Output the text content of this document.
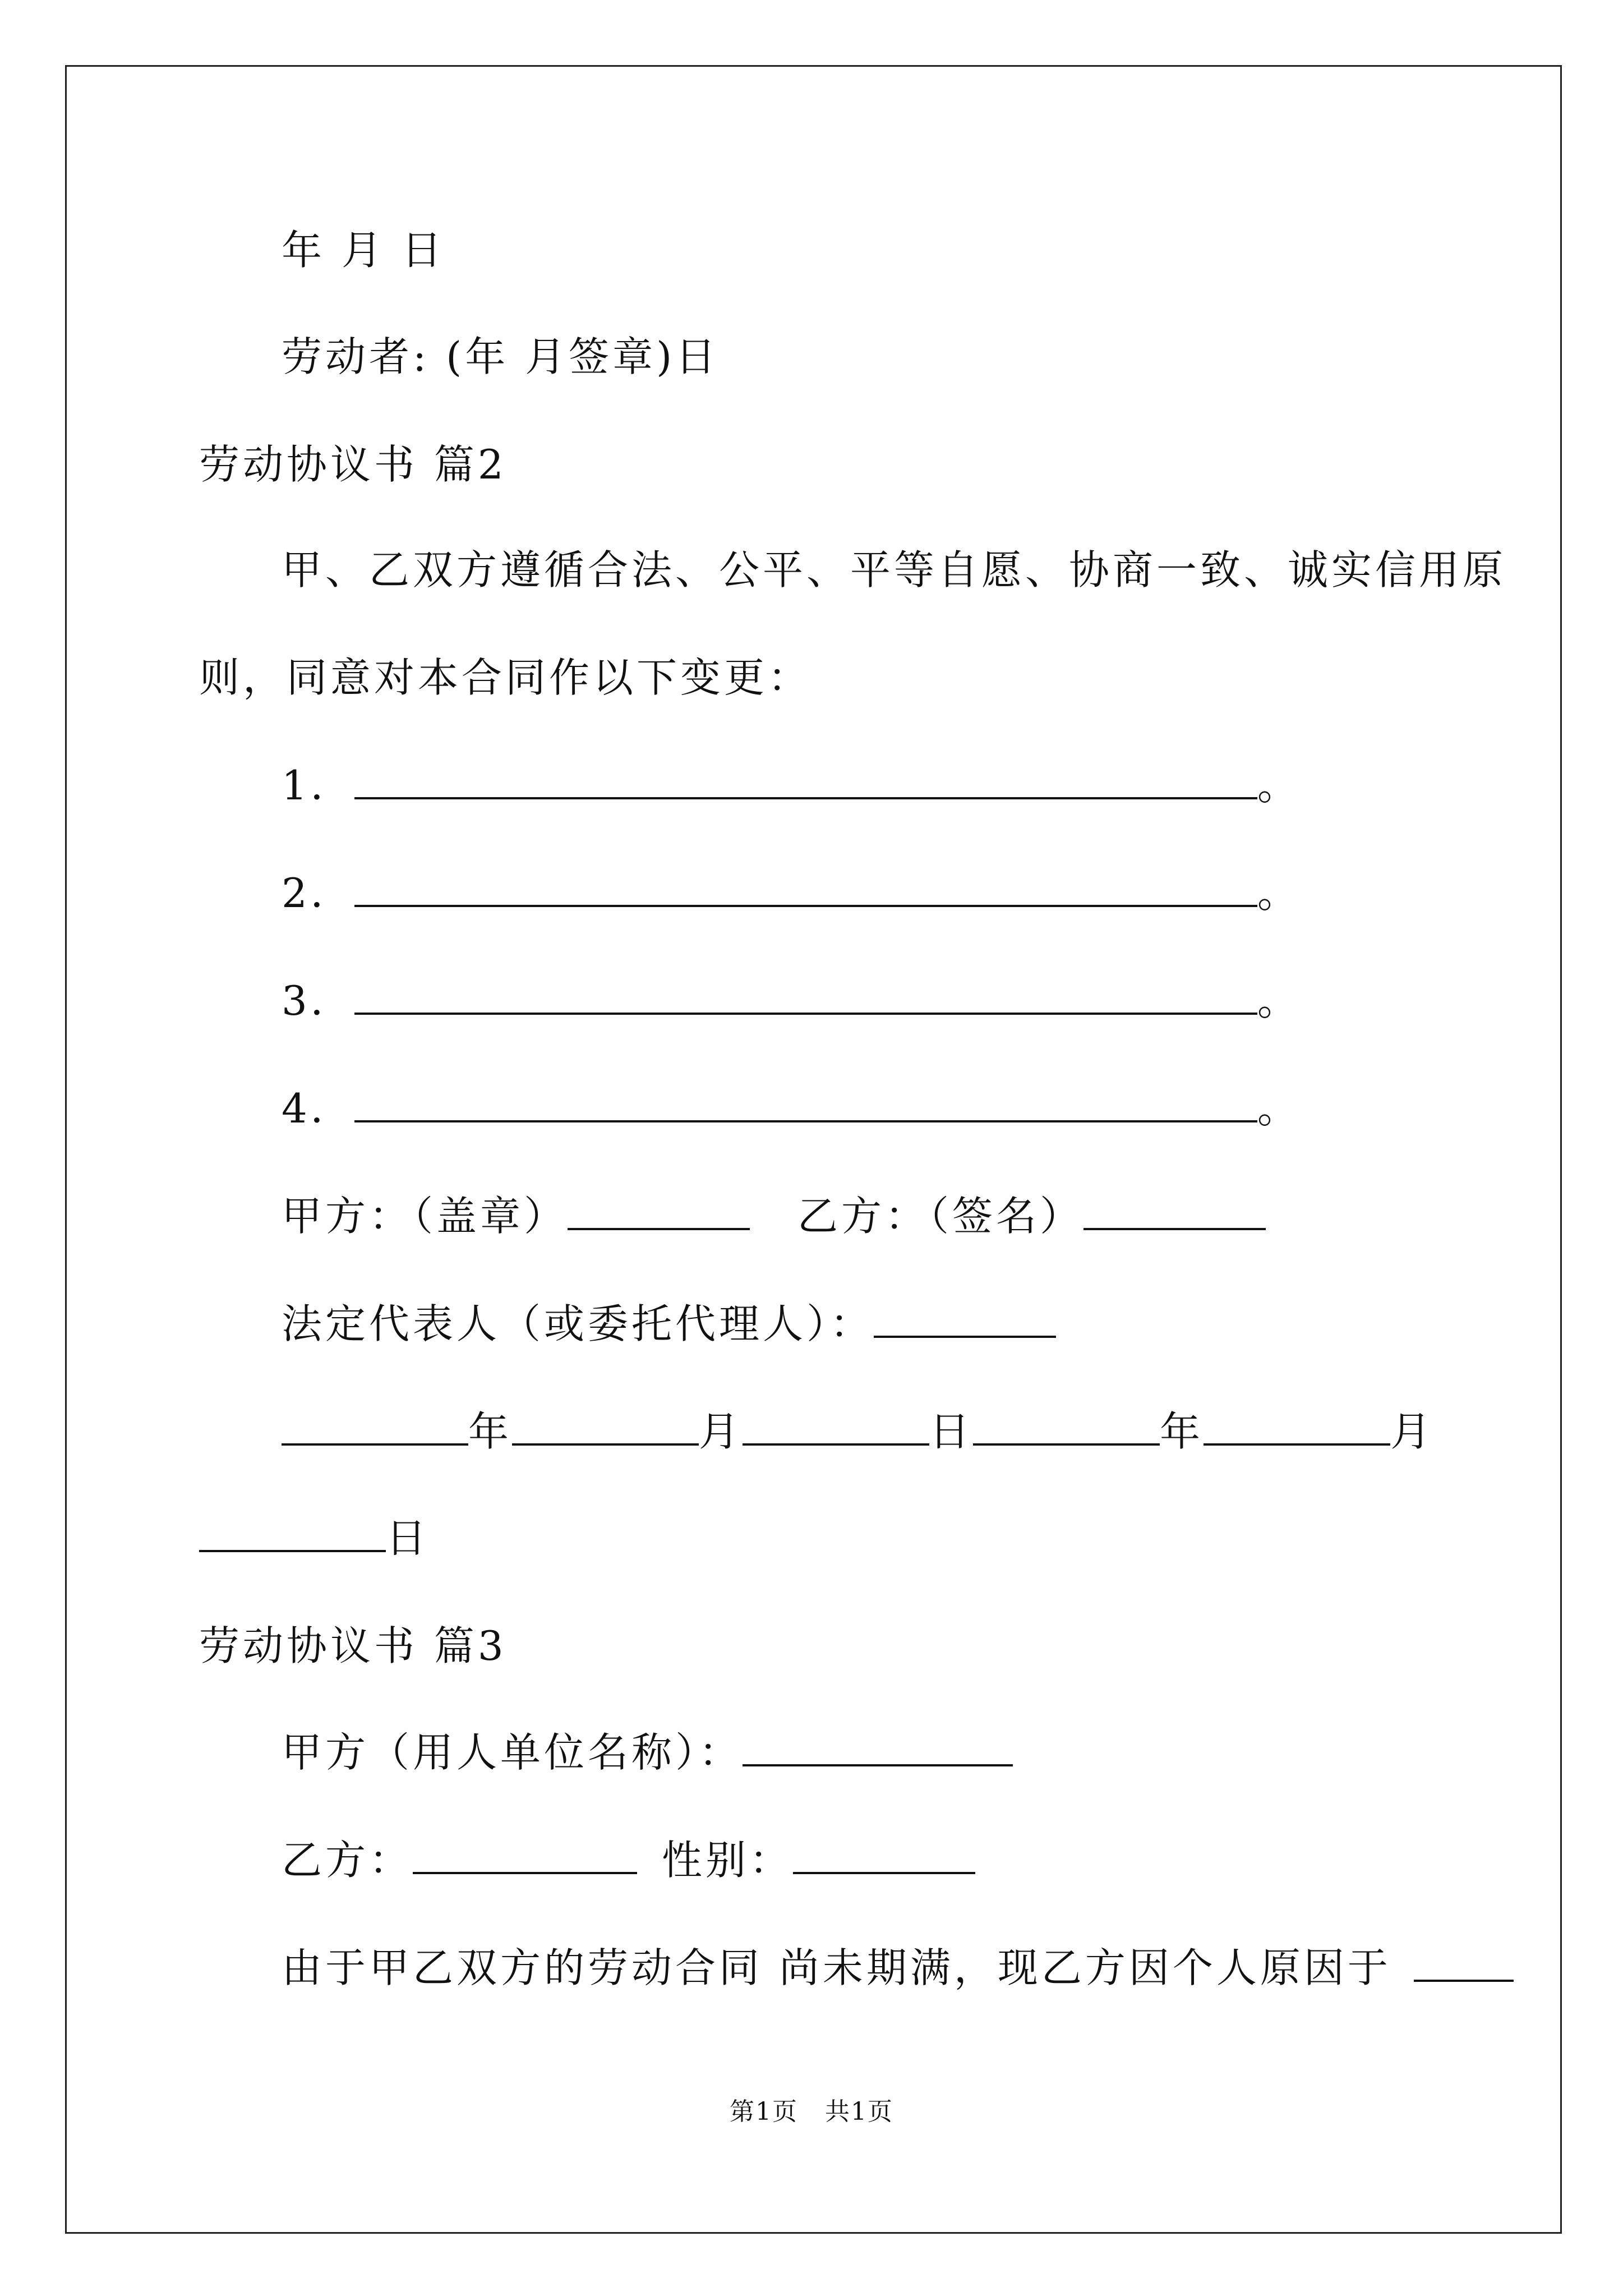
年 月 日
劳动者: (年 月签章)日
劳动协议书 篇2
甲、乙双方遵循合法、公平、平等自愿、协商一致、诚实信用原
则，同意对本合同作以下变更：
1．	。
2．	。
3．	。
4．	。
甲方：（盖章）	乙方：（签名）
法定代表人（或委托代理人）：
年	月	日	年	月
日
劳动协议书 篇3
甲方（用人单位名称）：
乙方：	性别：
由于甲乙双方的劳动合同 尚未期满，现乙方因个人原因于
第1页   共1页
